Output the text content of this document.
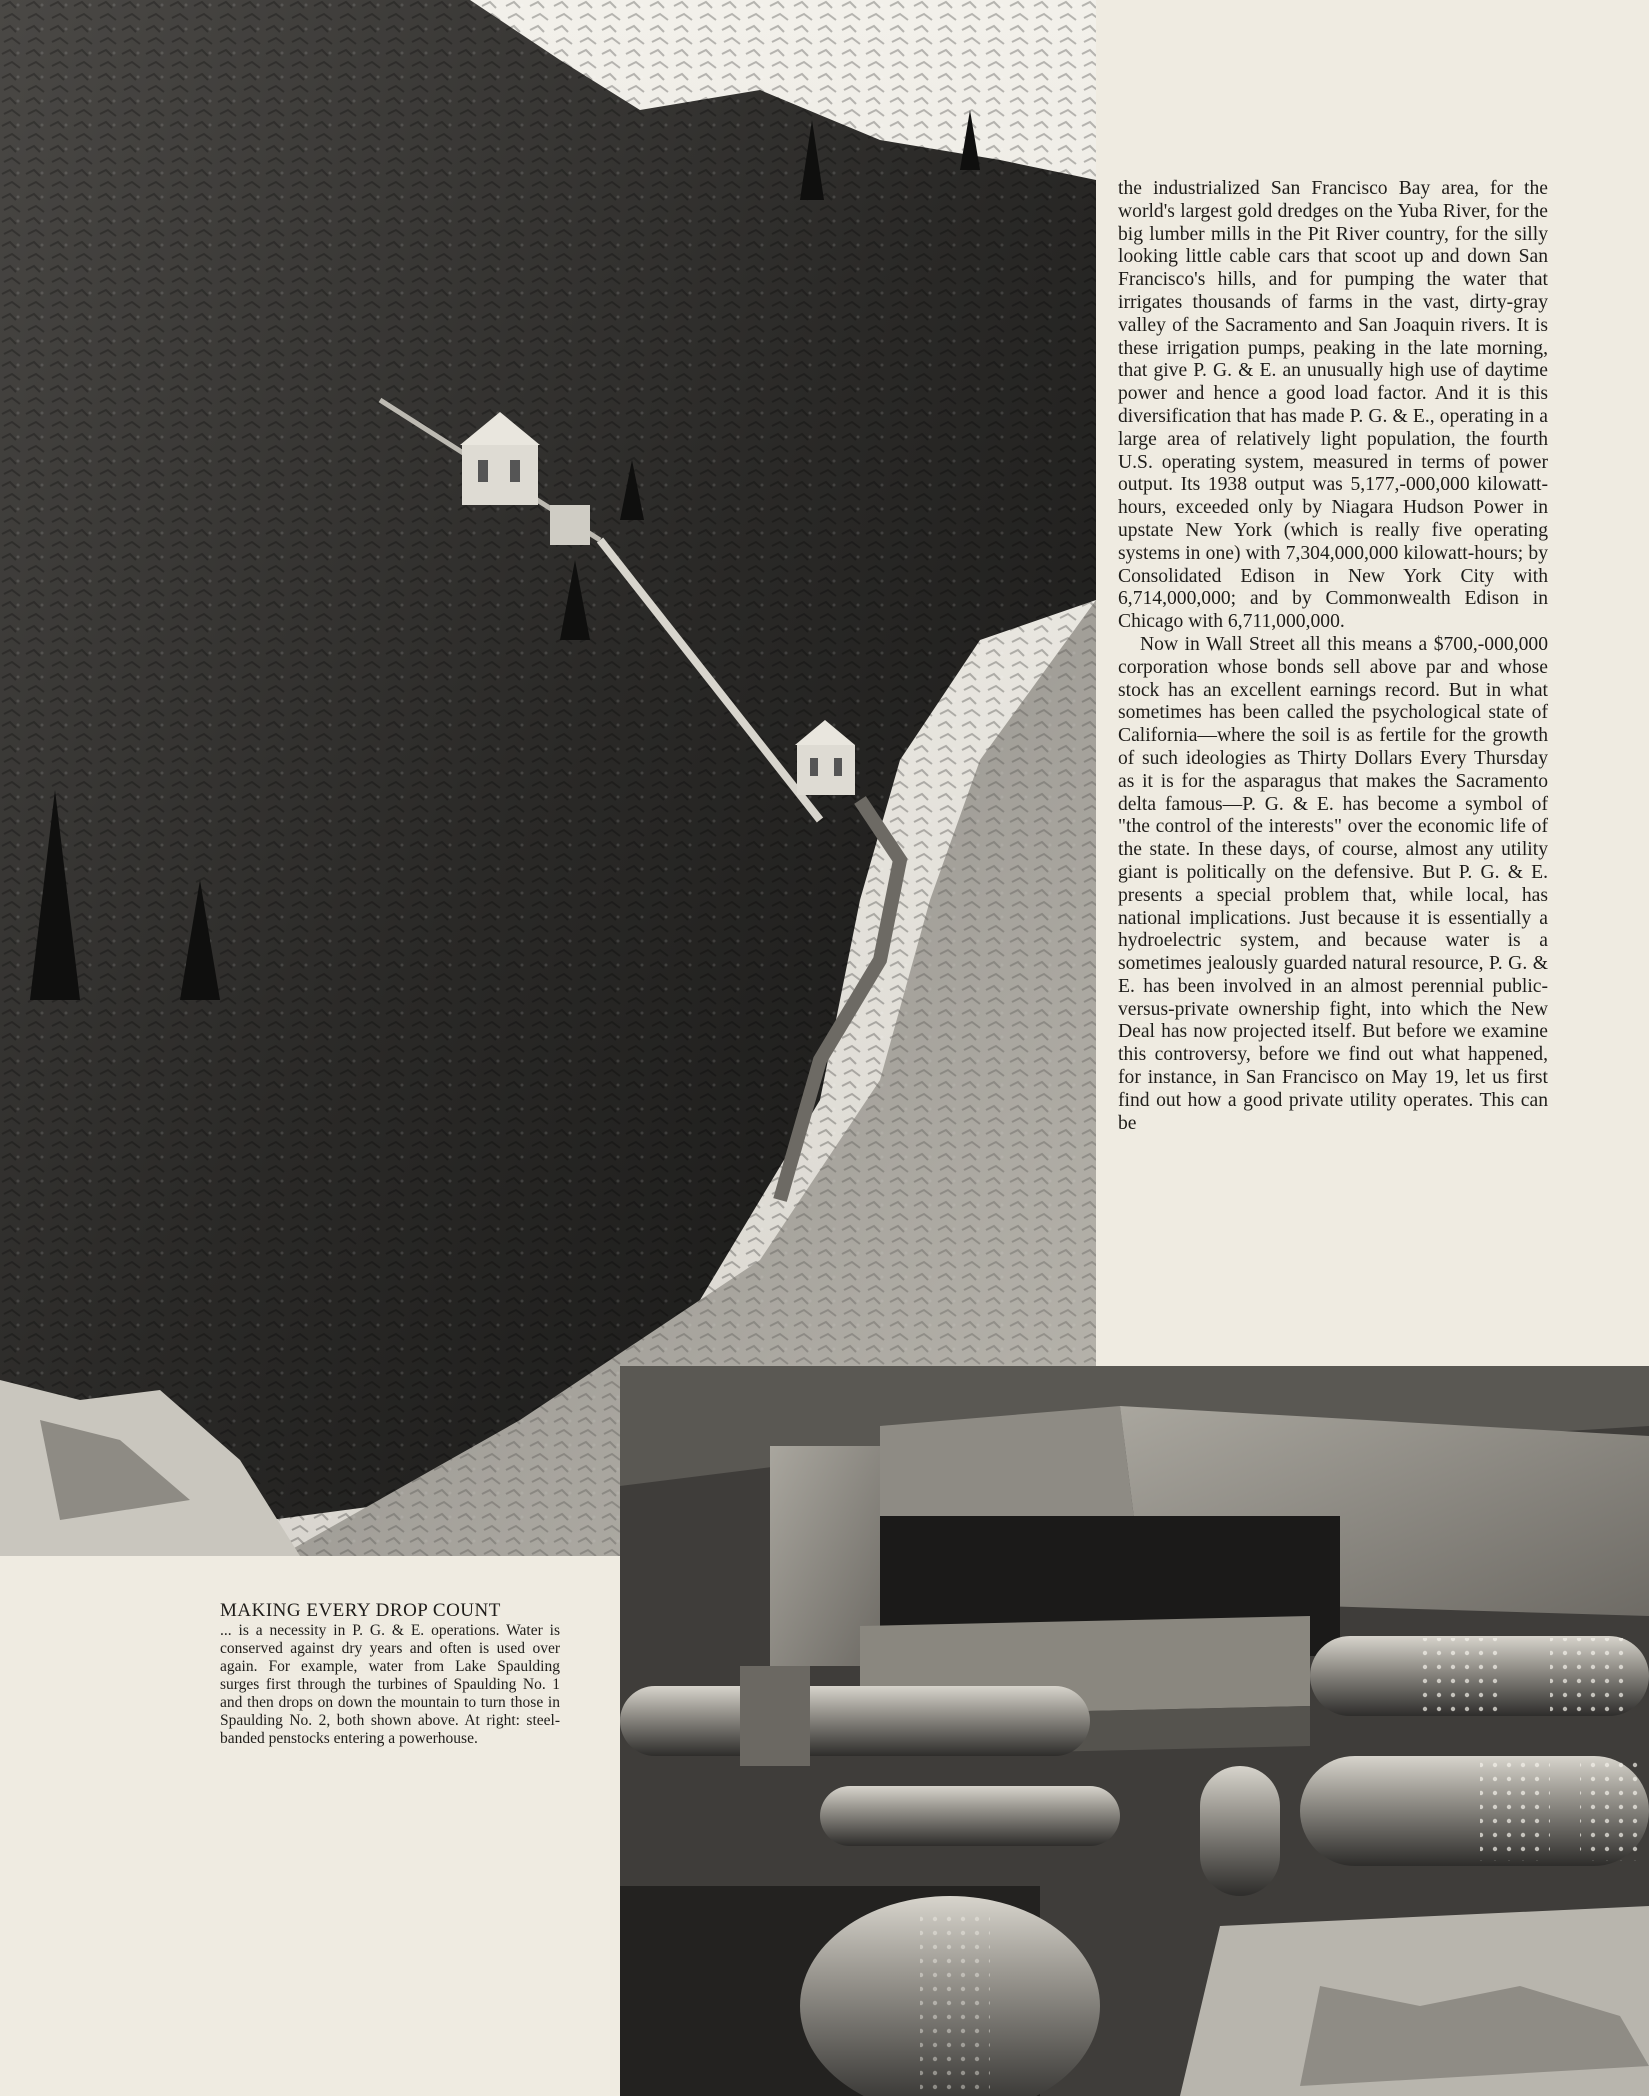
the industrialized San Francisco Bay area, for the world's largest gold dredges on the Yuba River, for the big lumber mills in the Pit River country, for the silly looking little cable cars that scoot up and down San Francisco's hills, and for pumping the water that irrigates thousands of farms in the vast, dirty-gray valley of the Sacramento and San Joaquin rivers. It is these irrigation pumps, peaking in the late morning, that give P. G. & E. an unusually high use of daytime power and hence a good load factor. And it is this diversification that has made P. G. & E., operating in a large area of relatively light population, the fourth U.S. operating system, measured in terms of power output. Its 1938 output was 5,177,-000,000 kilowatt-hours, exceeded only by Niagara Hudson Power in upstate New York (which is really five operating systems in one) with 7,304,000,000 kilowatt-hours; by Consolidated Edison in New York City with 6,714,000,000; and by Commonwealth Edison in Chicago with 6,711,000,000.

Now in Wall Street all this means a $700,-000,000 corporation whose bonds sell above par and whose stock has an excellent earnings record. But in what sometimes has been called the psychological state of California—where the soil is as fertile for the growth of such ideologies as Thirty Dollars Every Thursday as it is for the asparagus that makes the Sacramento delta famous—P. G. & E. has become a symbol of "the control of the interests" over the economic life of the state. In these days, of course, almost any utility giant is politically on the defensive. But P. G. & E. presents a special problem that, while local, has national implications. Just because it is essentially a hydroelectric system, and because water is a sometimes jealously guarded natural resource, P. G. & E. has been involved in an almost perennial public-versus-private ownership fight, into which the New Deal has now projected itself. But before we examine this controversy, before we find out what happened, for instance, in San Francisco on May 19, let us first find out how a good private utility operates. This can be

MAKING EVERY DROP COUNT
... is a necessity in P. G. & E. operations. Water is conserved against dry years and often is used over again. For example, water from Lake Spaulding surges first through the turbines of Spaulding No. 1 and then drops on down the mountain to turn those in Spaulding No. 2, both shown above. At right: steel-banded penstocks entering a powerhouse.
